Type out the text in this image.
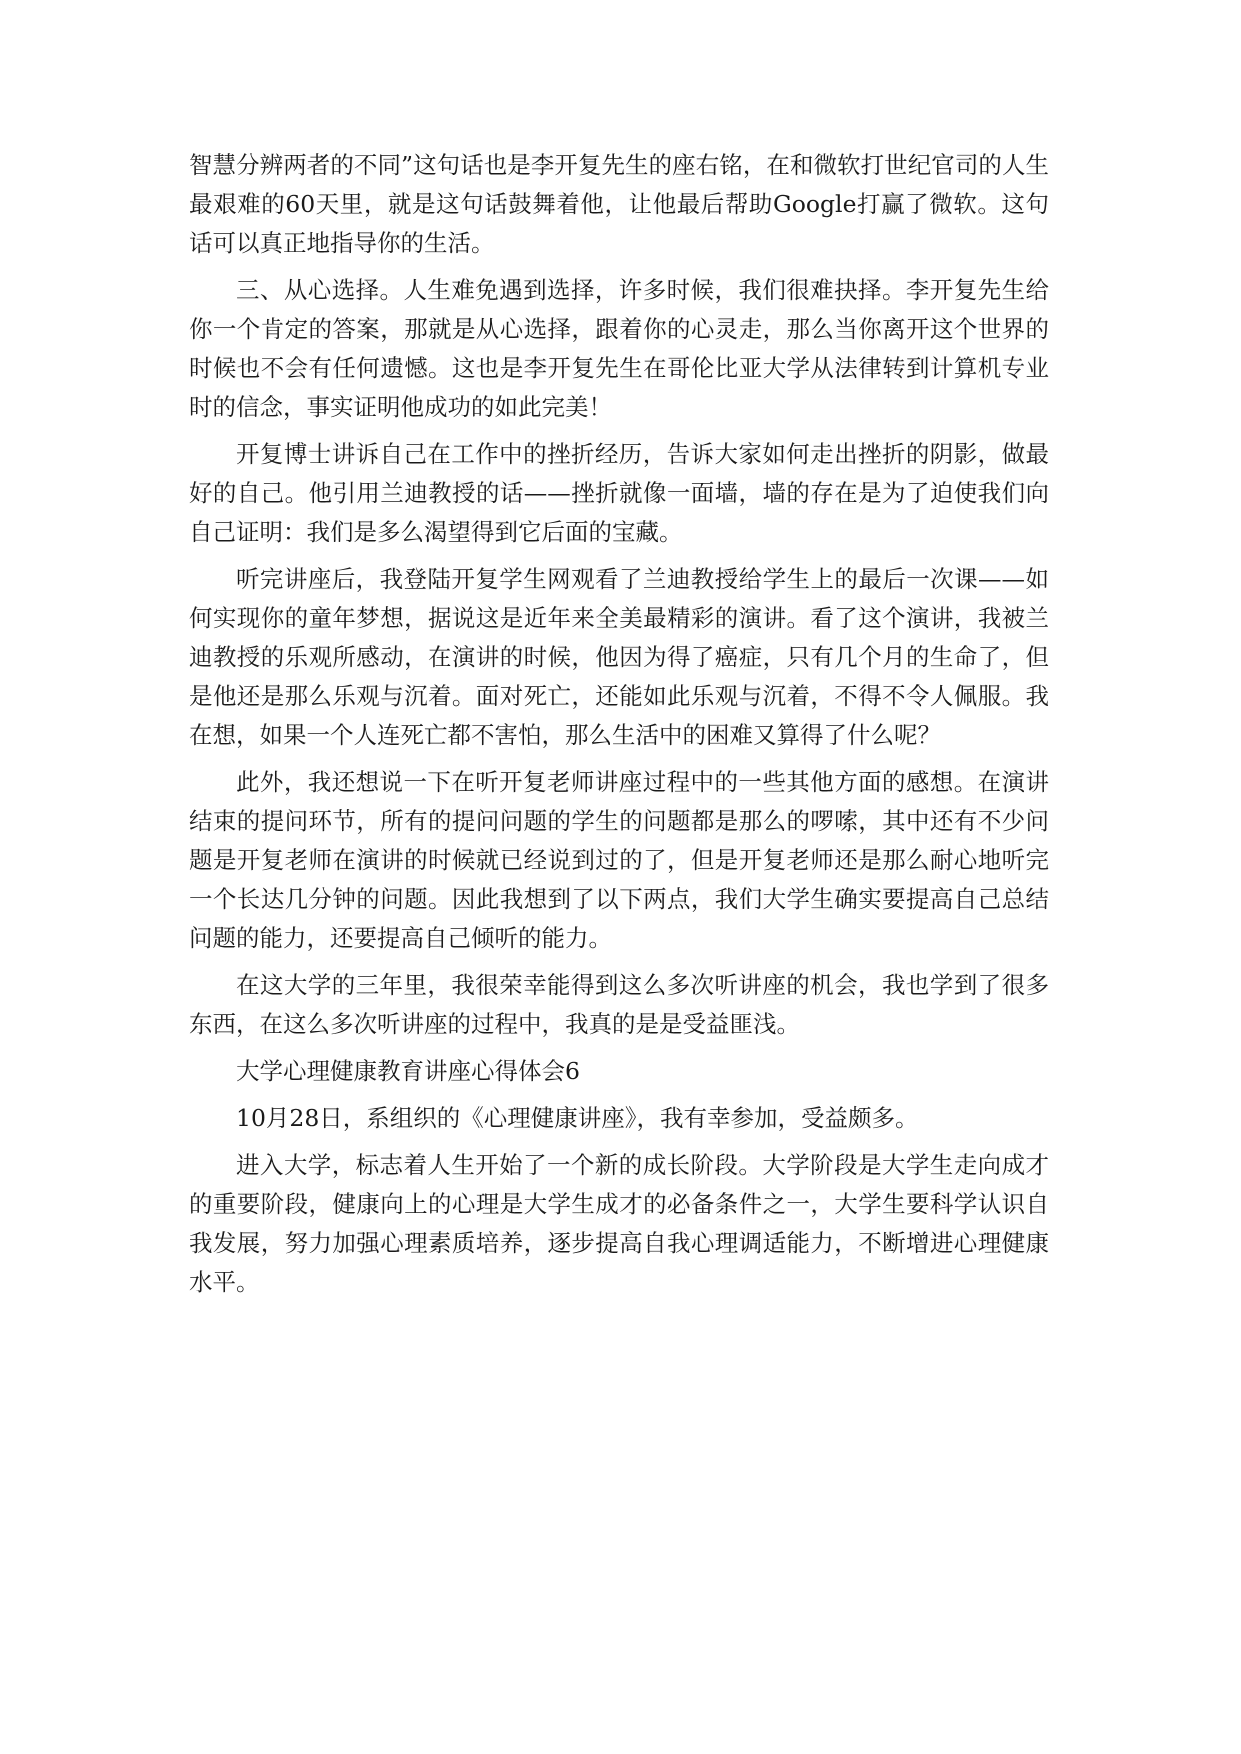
智慧分辨两者的不同”这句话也是李开复先生的座右铭，在和微软打世纪官司的人生最艰难的60天里，就是这句话鼓舞着他，让他最后帮助Google打赢了微软。这句话可以真正地指导你的生活。

三、从心选择。人生难免遇到选择，许多时候，我们很难抉择。李开复先生给你一个肯定的答案，那就是从心选择，跟着你的心灵走，那么当你离开这个世界的时候也不会有任何遗憾。这也是李开复先生在哥伦比亚大学从法律转到计算机专业时的信念，事实证明他成功的如此完美！

开复博士讲诉自己在工作中的挫折经历，告诉大家如何走出挫折的阴影，做最好的自己。他引用兰迪教授的话——挫折就像一面墙，墙的存在是为了迫使我们向自己证明：我们是多么渴望得到它后面的宝藏。

听完讲座后，我登陆开复学生网观看了兰迪教授给学生上的最后一次课——如何实现你的童年梦想，据说这是近年来全美最精彩的演讲。看了这个演讲，我被兰迪教授的乐观所感动，在演讲的时候，他因为得了癌症，只有几个月的生命了，但是他还是那么乐观与沉着。面对死亡，还能如此乐观与沉着，不得不令人佩服。我在想，如果一个人连死亡都不害怕，那么生活中的困难又算得了什么呢？

此外，我还想说一下在听开复老师讲座过程中的一些其他方面的感想。在演讲结束的提问环节，所有的提问问题的学生的问题都是那么的啰嗦，其中还有不少问题是开复老师在演讲的时候就已经说到过的了，但是开复老师还是那么耐心地听完一个长达几分钟的问题。因此我想到了以下两点，我们大学生确实要提高自己总结问题的能力，还要提高自己倾听的能力。

在这大学的三年里，我很荣幸能得到这么多次听讲座的机会，我也学到了很多东西，在这么多次听讲座的过程中，我真的是是受益匪浅。

大学心理健康教育讲座心得体会6

10月28日，系组织的《心理健康讲座》，我有幸参加，受益颇多。

进入大学，标志着人生开始了一个新的成长阶段。大学阶段是大学生走向成才的重要阶段，健康向上的心理是大学生成才的必备条件之一，大学生要科学认识自我发展，努力加强心理素质培养，逐步提高自我心理调适能力，不断增进心理健康水平。
